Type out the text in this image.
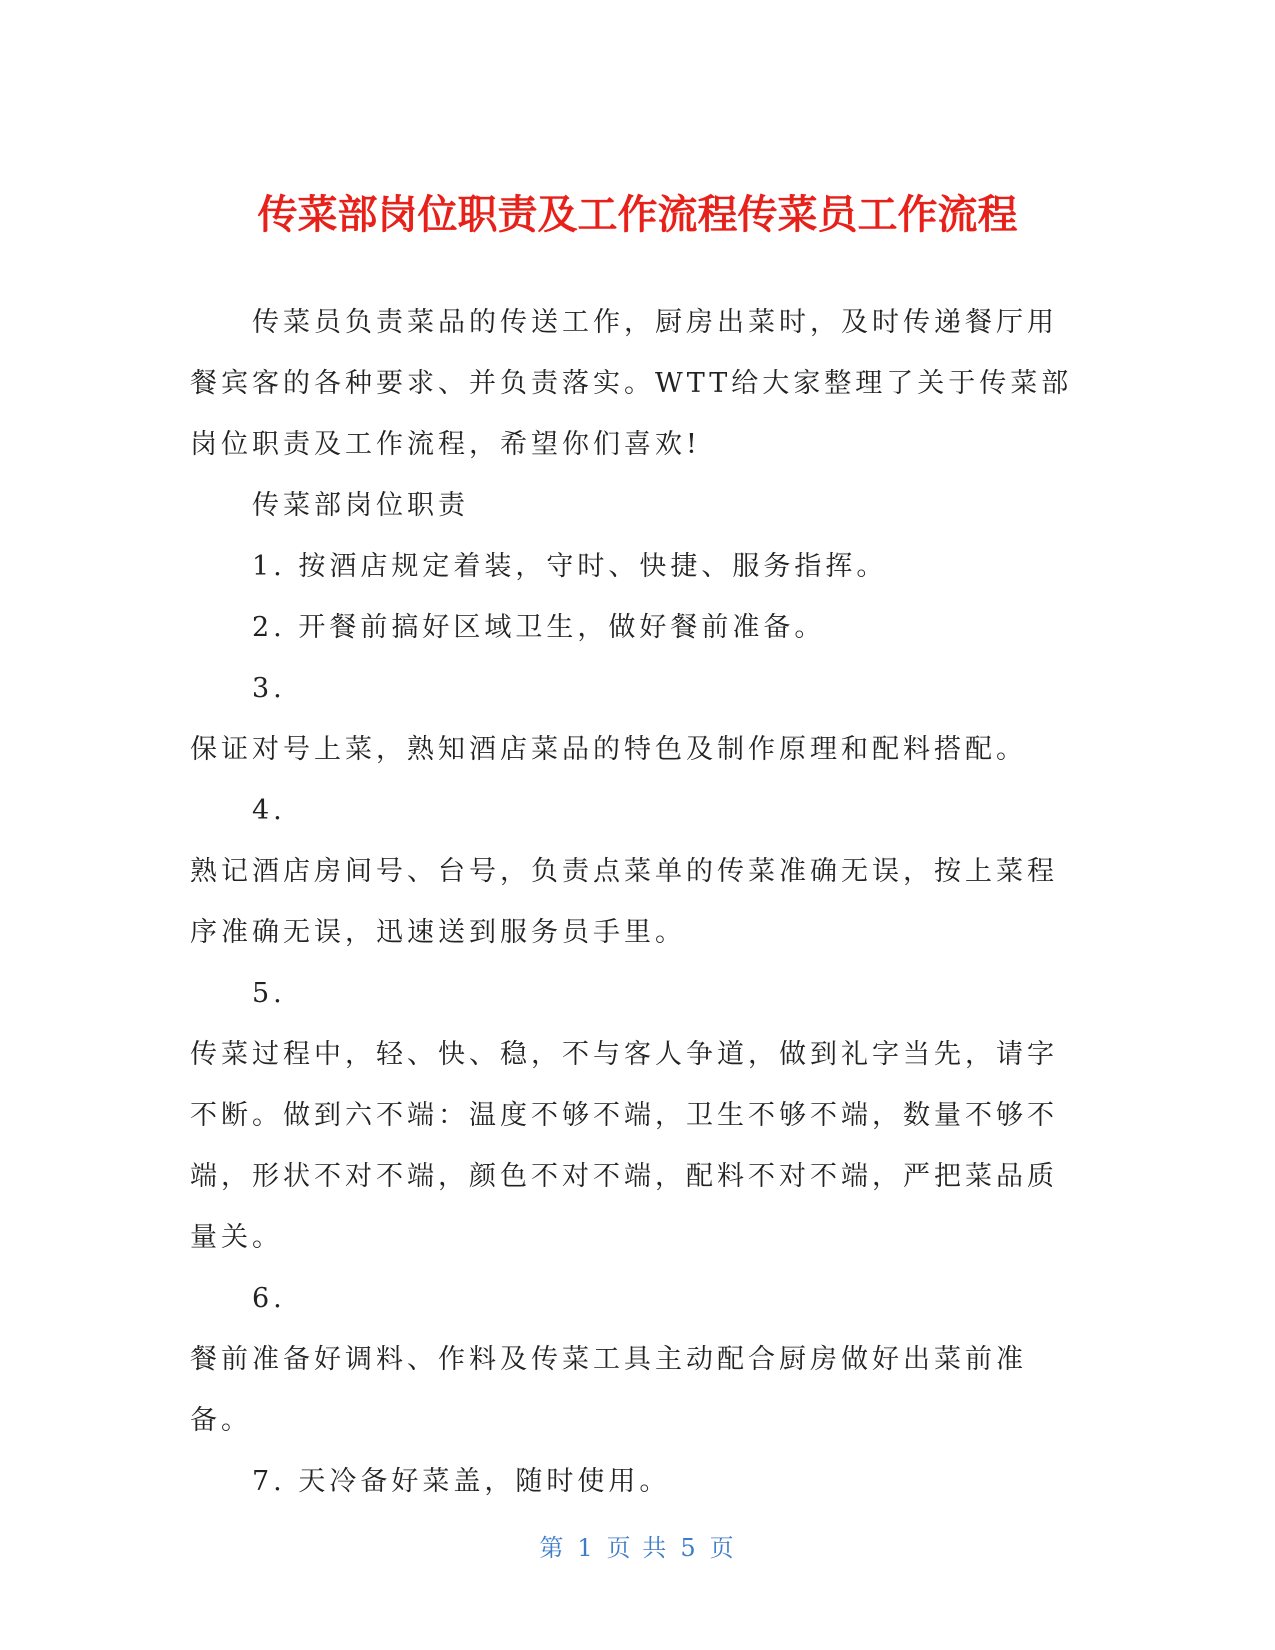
传菜部岗位职责及工作流程传菜员工作流程

传菜员负责菜品的传送工作，厨房出菜时，及时传递餐厅用餐宾客的各种要求、并负责落实。WTT给大家整理了关于传菜部岗位职责及工作流程，希望你们喜欢!

传菜部岗位职责

1. 按酒店规定着装，守时、快捷、服务指挥。

2. 开餐前搞好区域卫生，做好餐前准备。

3.

保证对号上菜，熟知酒店菜品的特色及制作原理和配料搭配。

4.

熟记酒店房间号、台号，负责点菜单的传菜准确无误，按上菜程序准确无误，迅速送到服务员手里。

5.

传菜过程中，轻、快、稳，不与客人争道，做到礼字当先，请字不断。做到六不端：温度不够不端，卫生不够不端，数量不够不端，形状不对不端，颜色不对不端，配料不对不端，严把菜品质量关。

6.

餐前准备好调料、作料及传菜工具主动配合厨房做好出菜前准备。

7. 天冷备好菜盖，随时使用。

第 1 页 共 5 页
